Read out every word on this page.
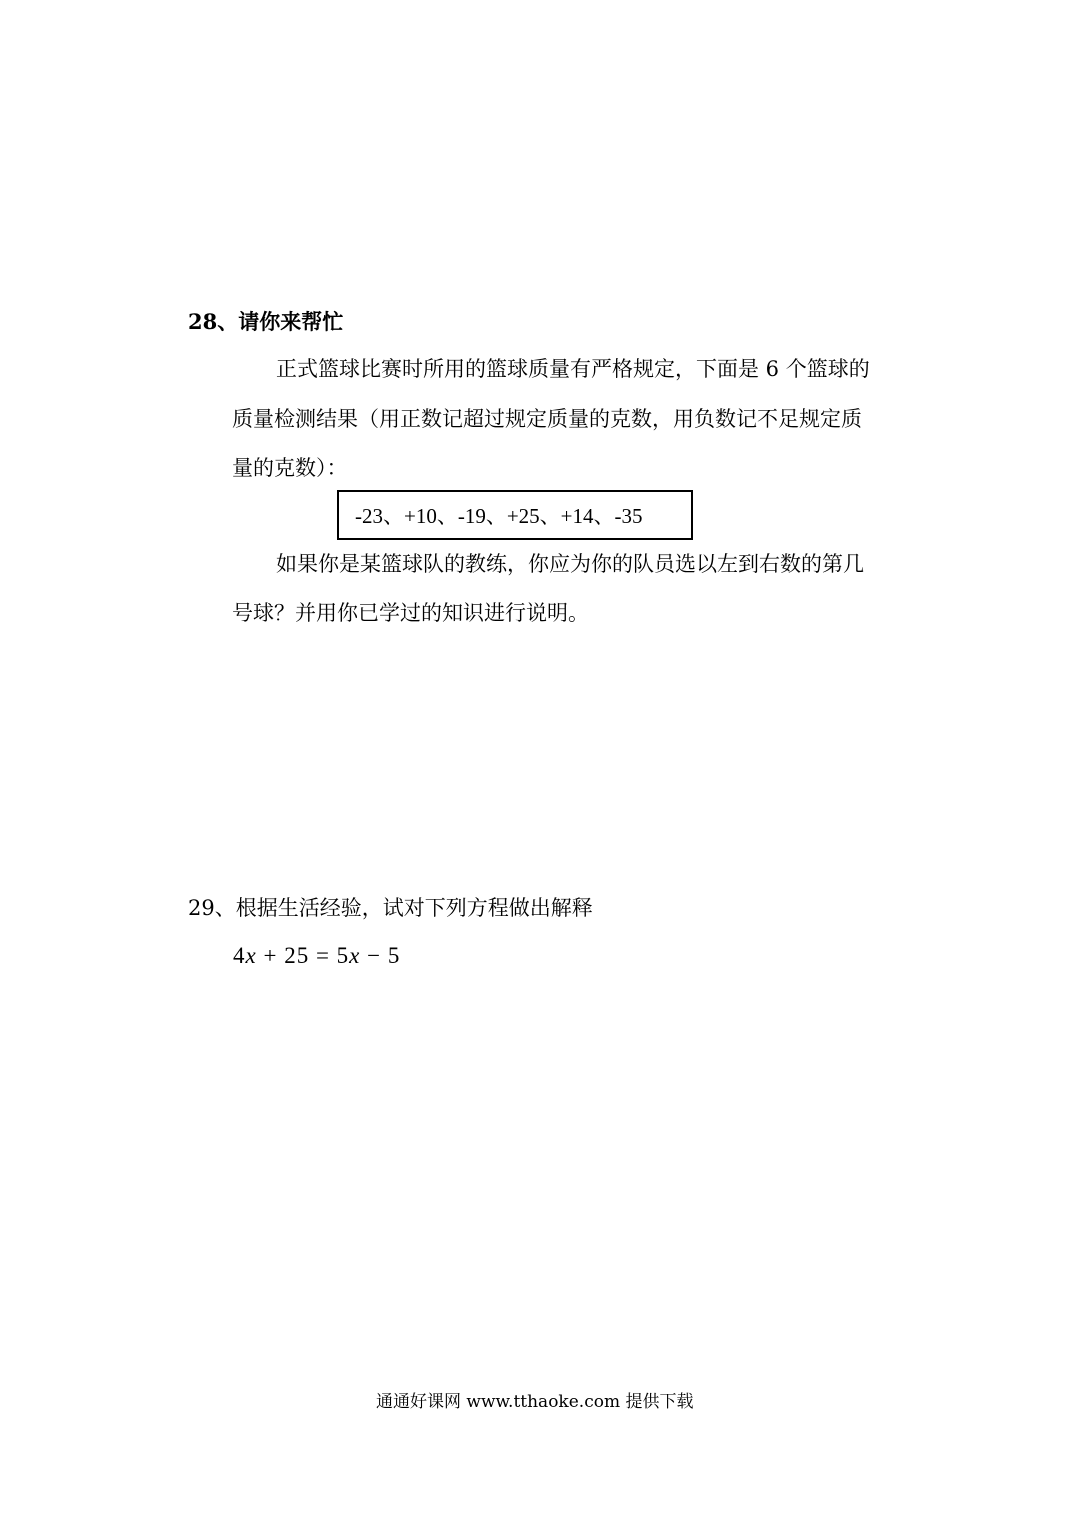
28、请你来帮忙
正式篮球比赛时所用的篮球质量有严格规定，下面是 6 个篮球的
质量检测结果（用正数记超过规定质量的克数，用负数记不足规定质
量的克数）：
-23、+10、-19、+25、+14、-35
如果你是某篮球队的教练，你应为你的队员选以左到右数的第几
号球？并用你已学过的知识进行说明。
29、根据生活经验，试对下列方程做出解释
4x + 25 = 5x − 5
通通好课网 www.tthaoke.com 提供下载
